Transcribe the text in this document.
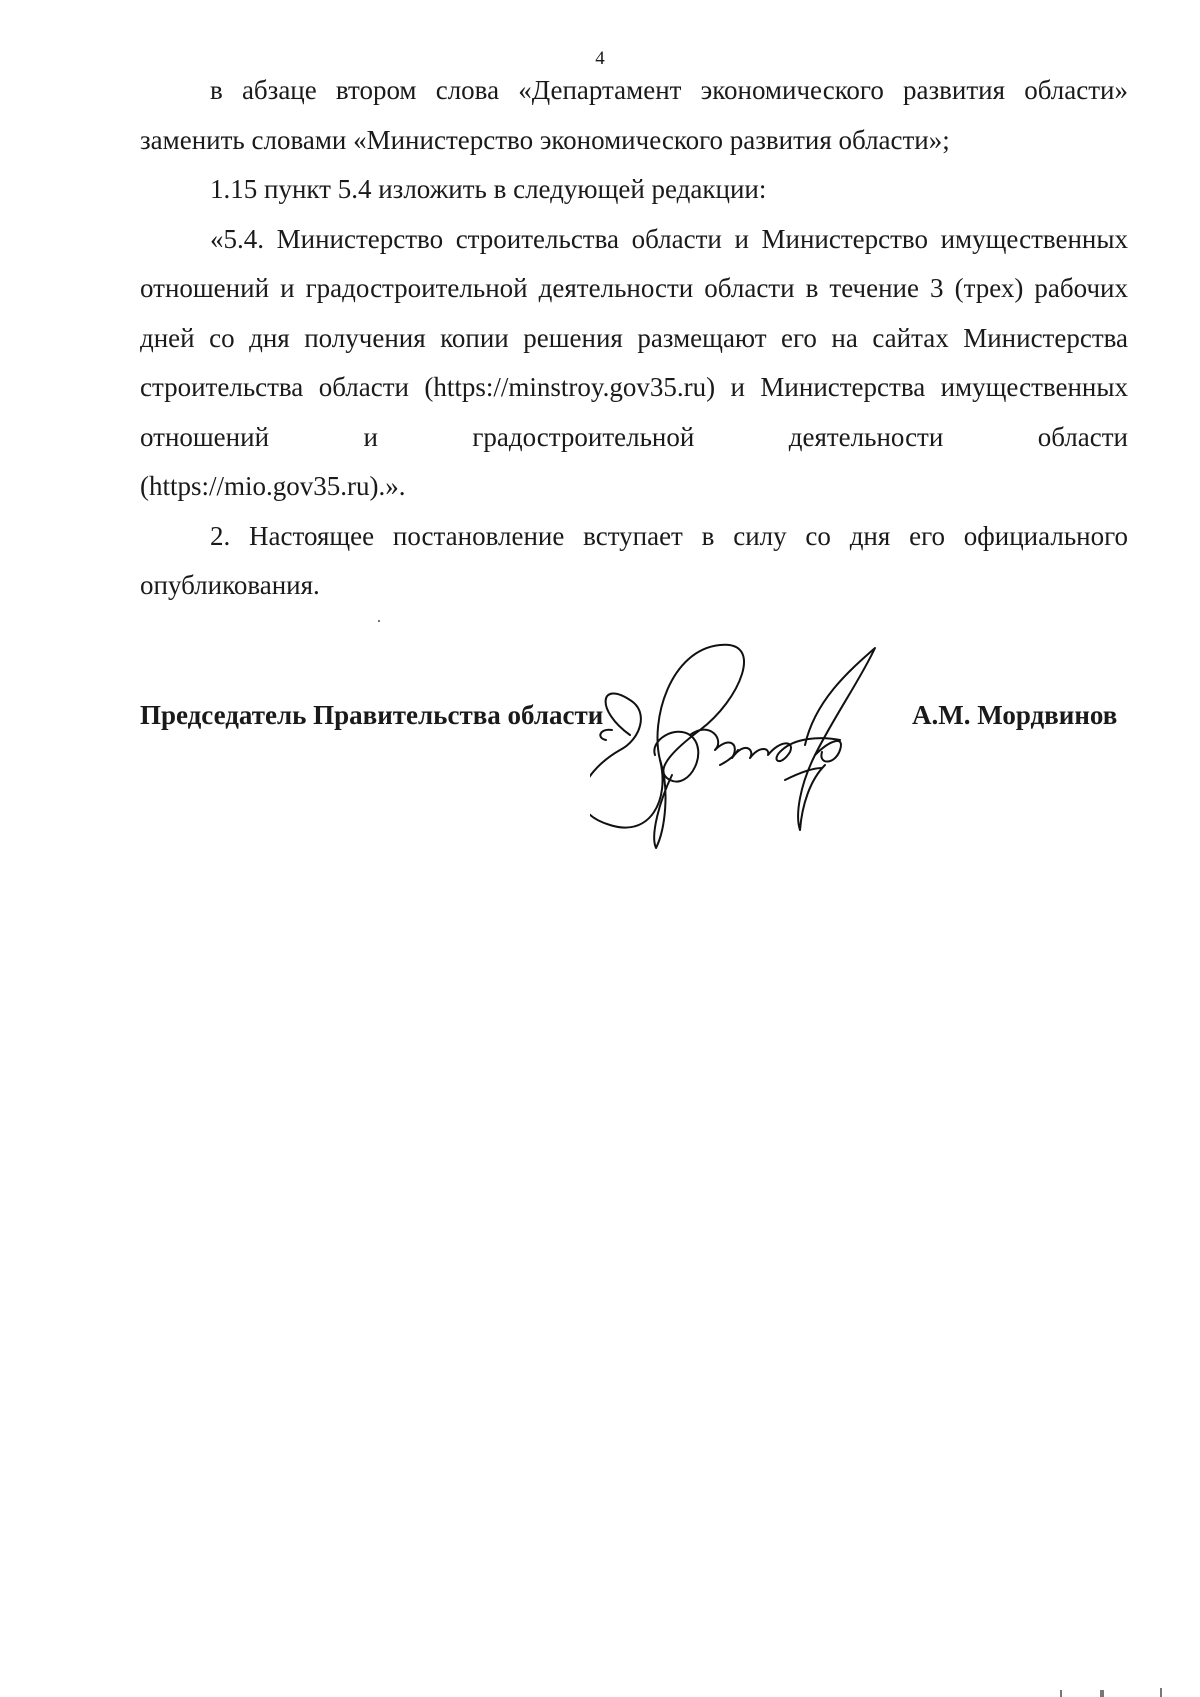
4

в абзаце втором слова «Департамент экономического развития области» заменить словами «Министерство экономического развития области»;

1.15 пункт 5.4 изложить в следующей редакции:

«5.4. Министерство строительства области и Министерство имущественных отношений и градостроительной деятельности области в течение 3 (трех) рабочих дней со дня получения копии решения размещают его на сайтах Министерства строительства области (https://minstroy.gov35.ru) и Министерства имущественных отношений и градостроительной деятельности области

(https://mio.gov35.ru).».

2. Настоящее постановление вступает в силу со дня его официального опубликования.

Председатель Правительства области	А.М. Мордвинов
